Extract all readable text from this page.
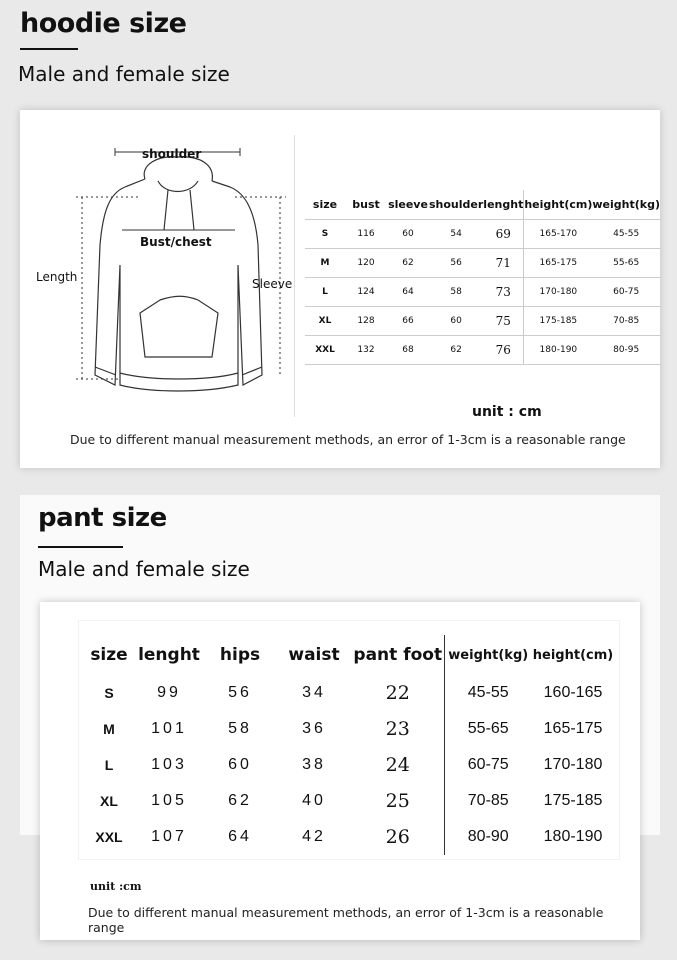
hoodie size
Male and female size
shoulder
Bust/chest
Length	Sleeve
size	bust	sleeve	shoulder	lenght	height(cm)	weight(kg)
S	116	60	54	69	165-170	45-55
M	120	62	56	71	165-175	55-65
L	124	64	58	73	170-180	60-75
XL	128	66	60	75	175-185	70-85
XXL	132	68	62	76	180-190	80-95
unit : cm
Due to different manual measurement methods, an error of 1-3cm is a reasonable range
pant size
Male and female size
size	lenght	hips	waist	pant foot	weight(kg)	height(cm)
S	99	56	34	22	45-55	160-165
M	101	58	36	23	55-65	165-175
L	103	60	38	24	60-75	170-180
XL	105	62	40	25	70-85	175-185
XXL	107	64	42	26	80-90	180-190
unit :cm
Due to different manual measurement methods, an error of 1-3cm is a reasonable range
